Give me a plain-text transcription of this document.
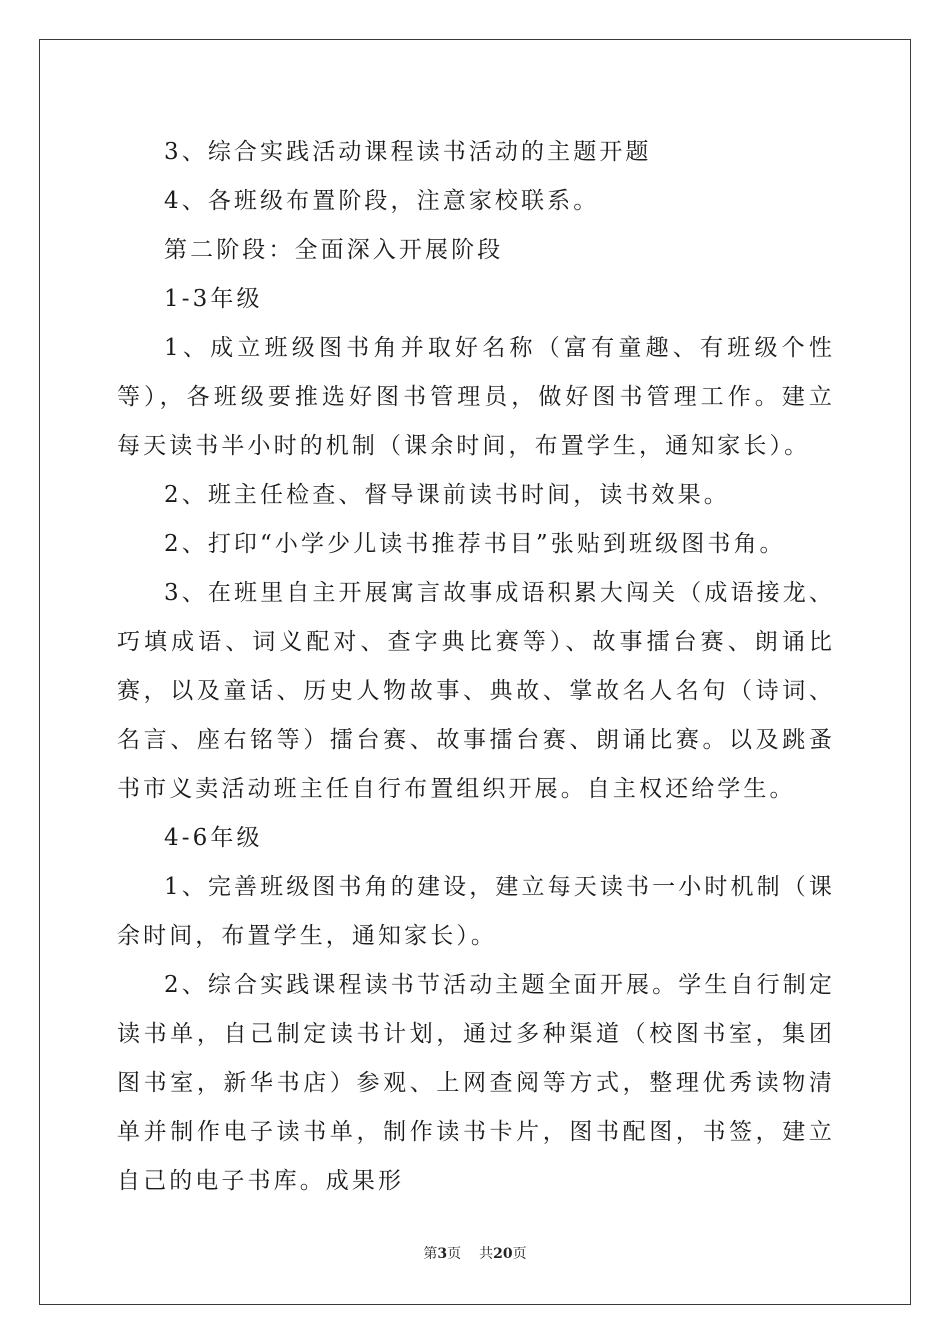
3、综合实践活动课程读书活动的主题开题

4、各班级布置阶段，注意家校联系。

第二阶段：全面深入开展阶段

1-3年级

1、成立班级图书角并取好名称（富有童趣、有班级个性等），各班级要推选好图书管理员，做好图书管理工作。建立每天读书半小时的机制（课余时间，布置学生，通知家长）。

2、班主任检查、督导课前读书时间，读书效果。

2、打印“小学少儿读书推荐书目”张贴到班级图书角。

3、在班里自主开展寓言故事成语积累大闯关（成语接龙、巧填成语、词义配对、查字典比赛等）、故事擂台赛、朗诵比赛，以及童话、历史人物故事、典故、掌故名人名句（诗词、名言、座右铭等）擂台赛、故事擂台赛、朗诵比赛。以及跳蚤书市义卖活动班主任自行布置组织开展。自主权还给学生。

4-6年级

1、完善班级图书角的建设，建立每天读书一小时机制（课余时间，布置学生，通知家长）。

2、综合实践课程读书节活动主题全面开展。学生自行制定读书单，自己制定读书计划，通过多种渠道（校图书室，集团图书室，新华书店）参观、上网查阅等方式，整理优秀读物清单并制作电子读书单，制作读书卡片，图书配图，书签，建立自己的电子书库。成果形

第3页 共20页
